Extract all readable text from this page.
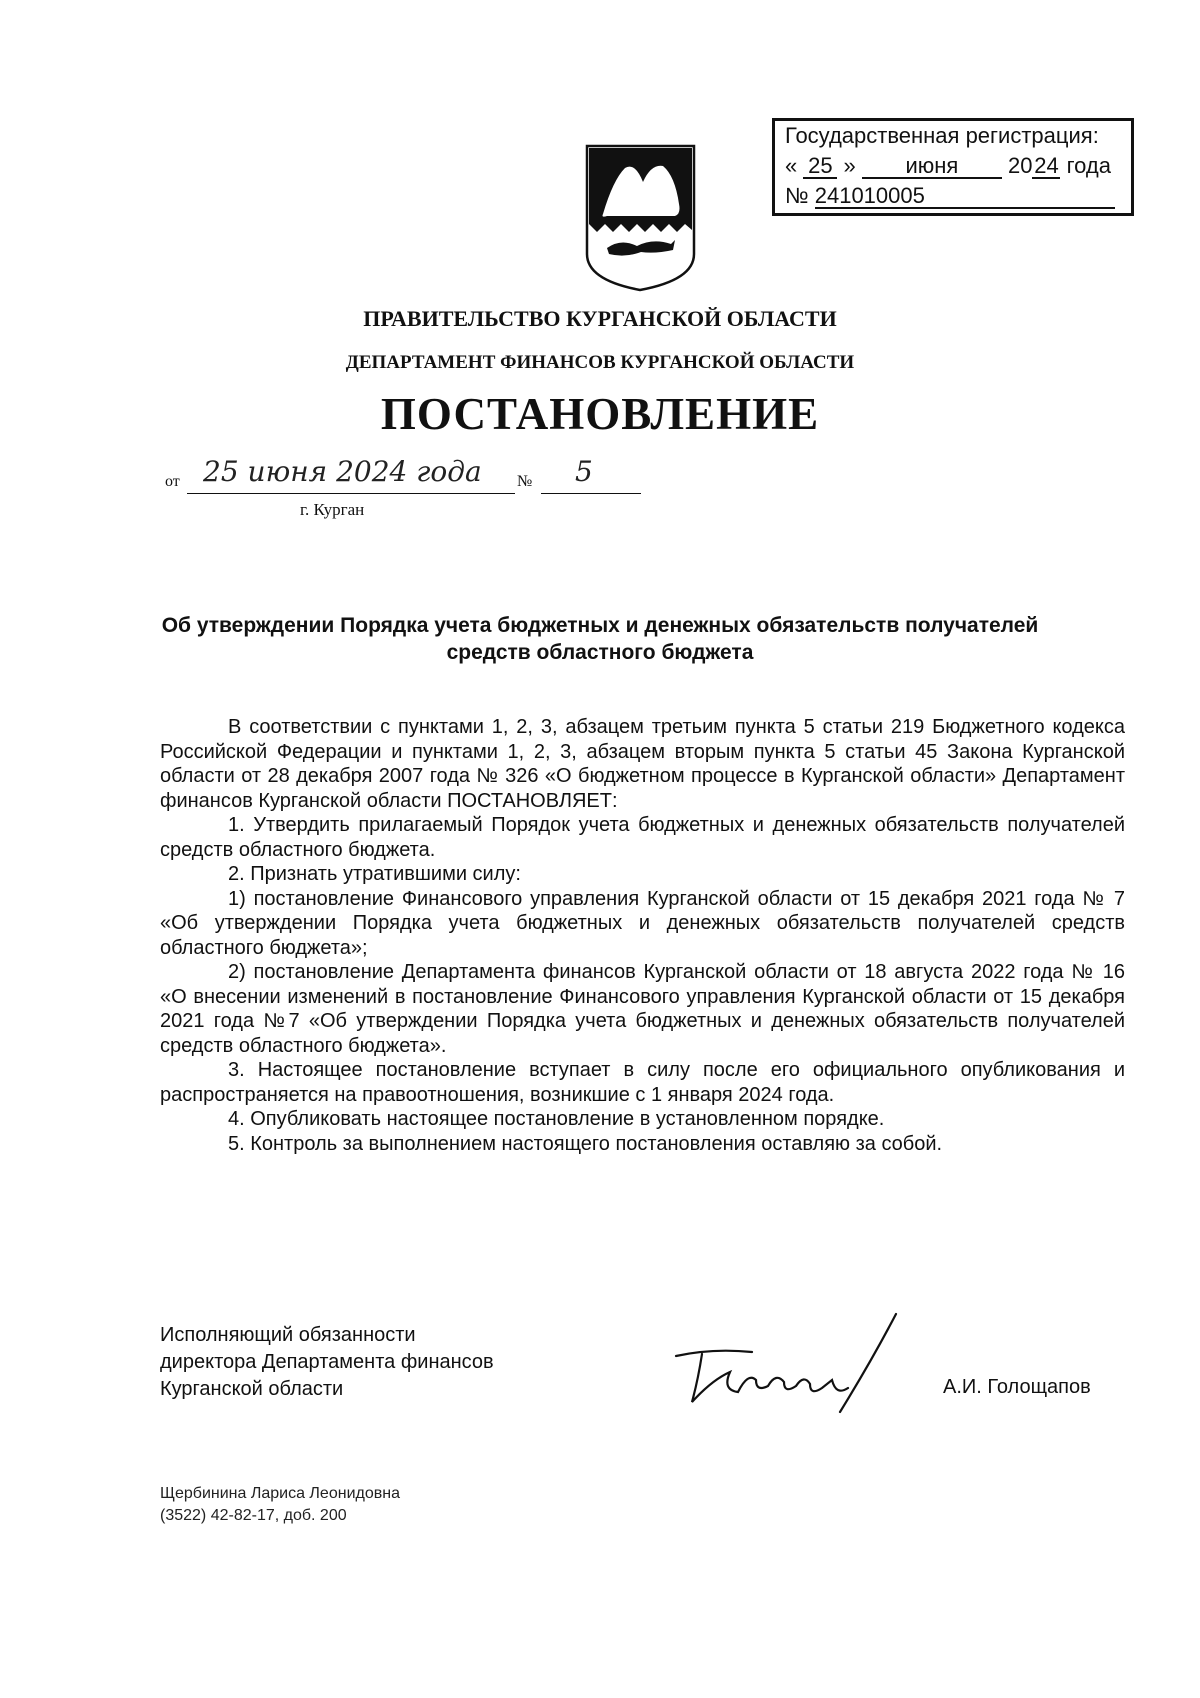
Государственная регистрация:
« 25 » июня 2024 года
№ 241010005
ПРАВИТЕЛЬСТВО КУРГАНСКОЙ ОБЛАСТИ
ДЕПАРТАМЕНТ ФИНАНСОВ КУРГАНСКОЙ ОБЛАСТИ
ПОСТАНОВЛЕНИЕ
от 25 июня 2024 года № 5
г. Курган
Об утверждении Порядка учета бюджетных и денежных обязательств получателей средств областного бюджета

В соответствии с пунктами 1, 2, 3, абзацем третьим пункта 5 статьи 219 Бюджетного кодекса Российской Федерации и пунктами 1, 2, 3, абзацем вторым пункта 5 статьи 45 Закона Курганской области от 28 декабря 2007 года № 326 «О бюджетном процессе в Курганской области» Департамент финансов Курганской области ПОСТАНОВЛЯЕТ:

1. Утвердить прилагаемый Порядок учета бюджетных и денежных обязательств получателей средств областного бюджета.

2. Признать утратившими силу:

1) постановление Финансового управления Курганской области от 15 декабря 2021 года № 7 «Об утверждении Порядка учета бюджетных и денежных обязательств получателей средств областного бюджета»;

2) постановление Департамента финансов Курганской области от 18 августа 2022 года № 16 «О внесении изменений в постановление Финансового управления Курганской области от 15 декабря 2021 года №7 «Об утверждении Порядка учета бюджетных и денежных обязательств получателей средств областного бюджета».

3. Настоящее постановление вступает в силу после его официального опубликования и распространяется на правоотношения, возникшие с 1 января 2024 года.

4. Опубликовать настоящее постановление в установленном порядке.

5. Контроль за выполнением настоящего постановления оставляю за собой.

Исполняющий обязанности
директора Департамента финансов
Курганской области	А.И. Голощапов
Щербинина Лариса Леонидовна
(3522) 42-82-17, доб. 200
